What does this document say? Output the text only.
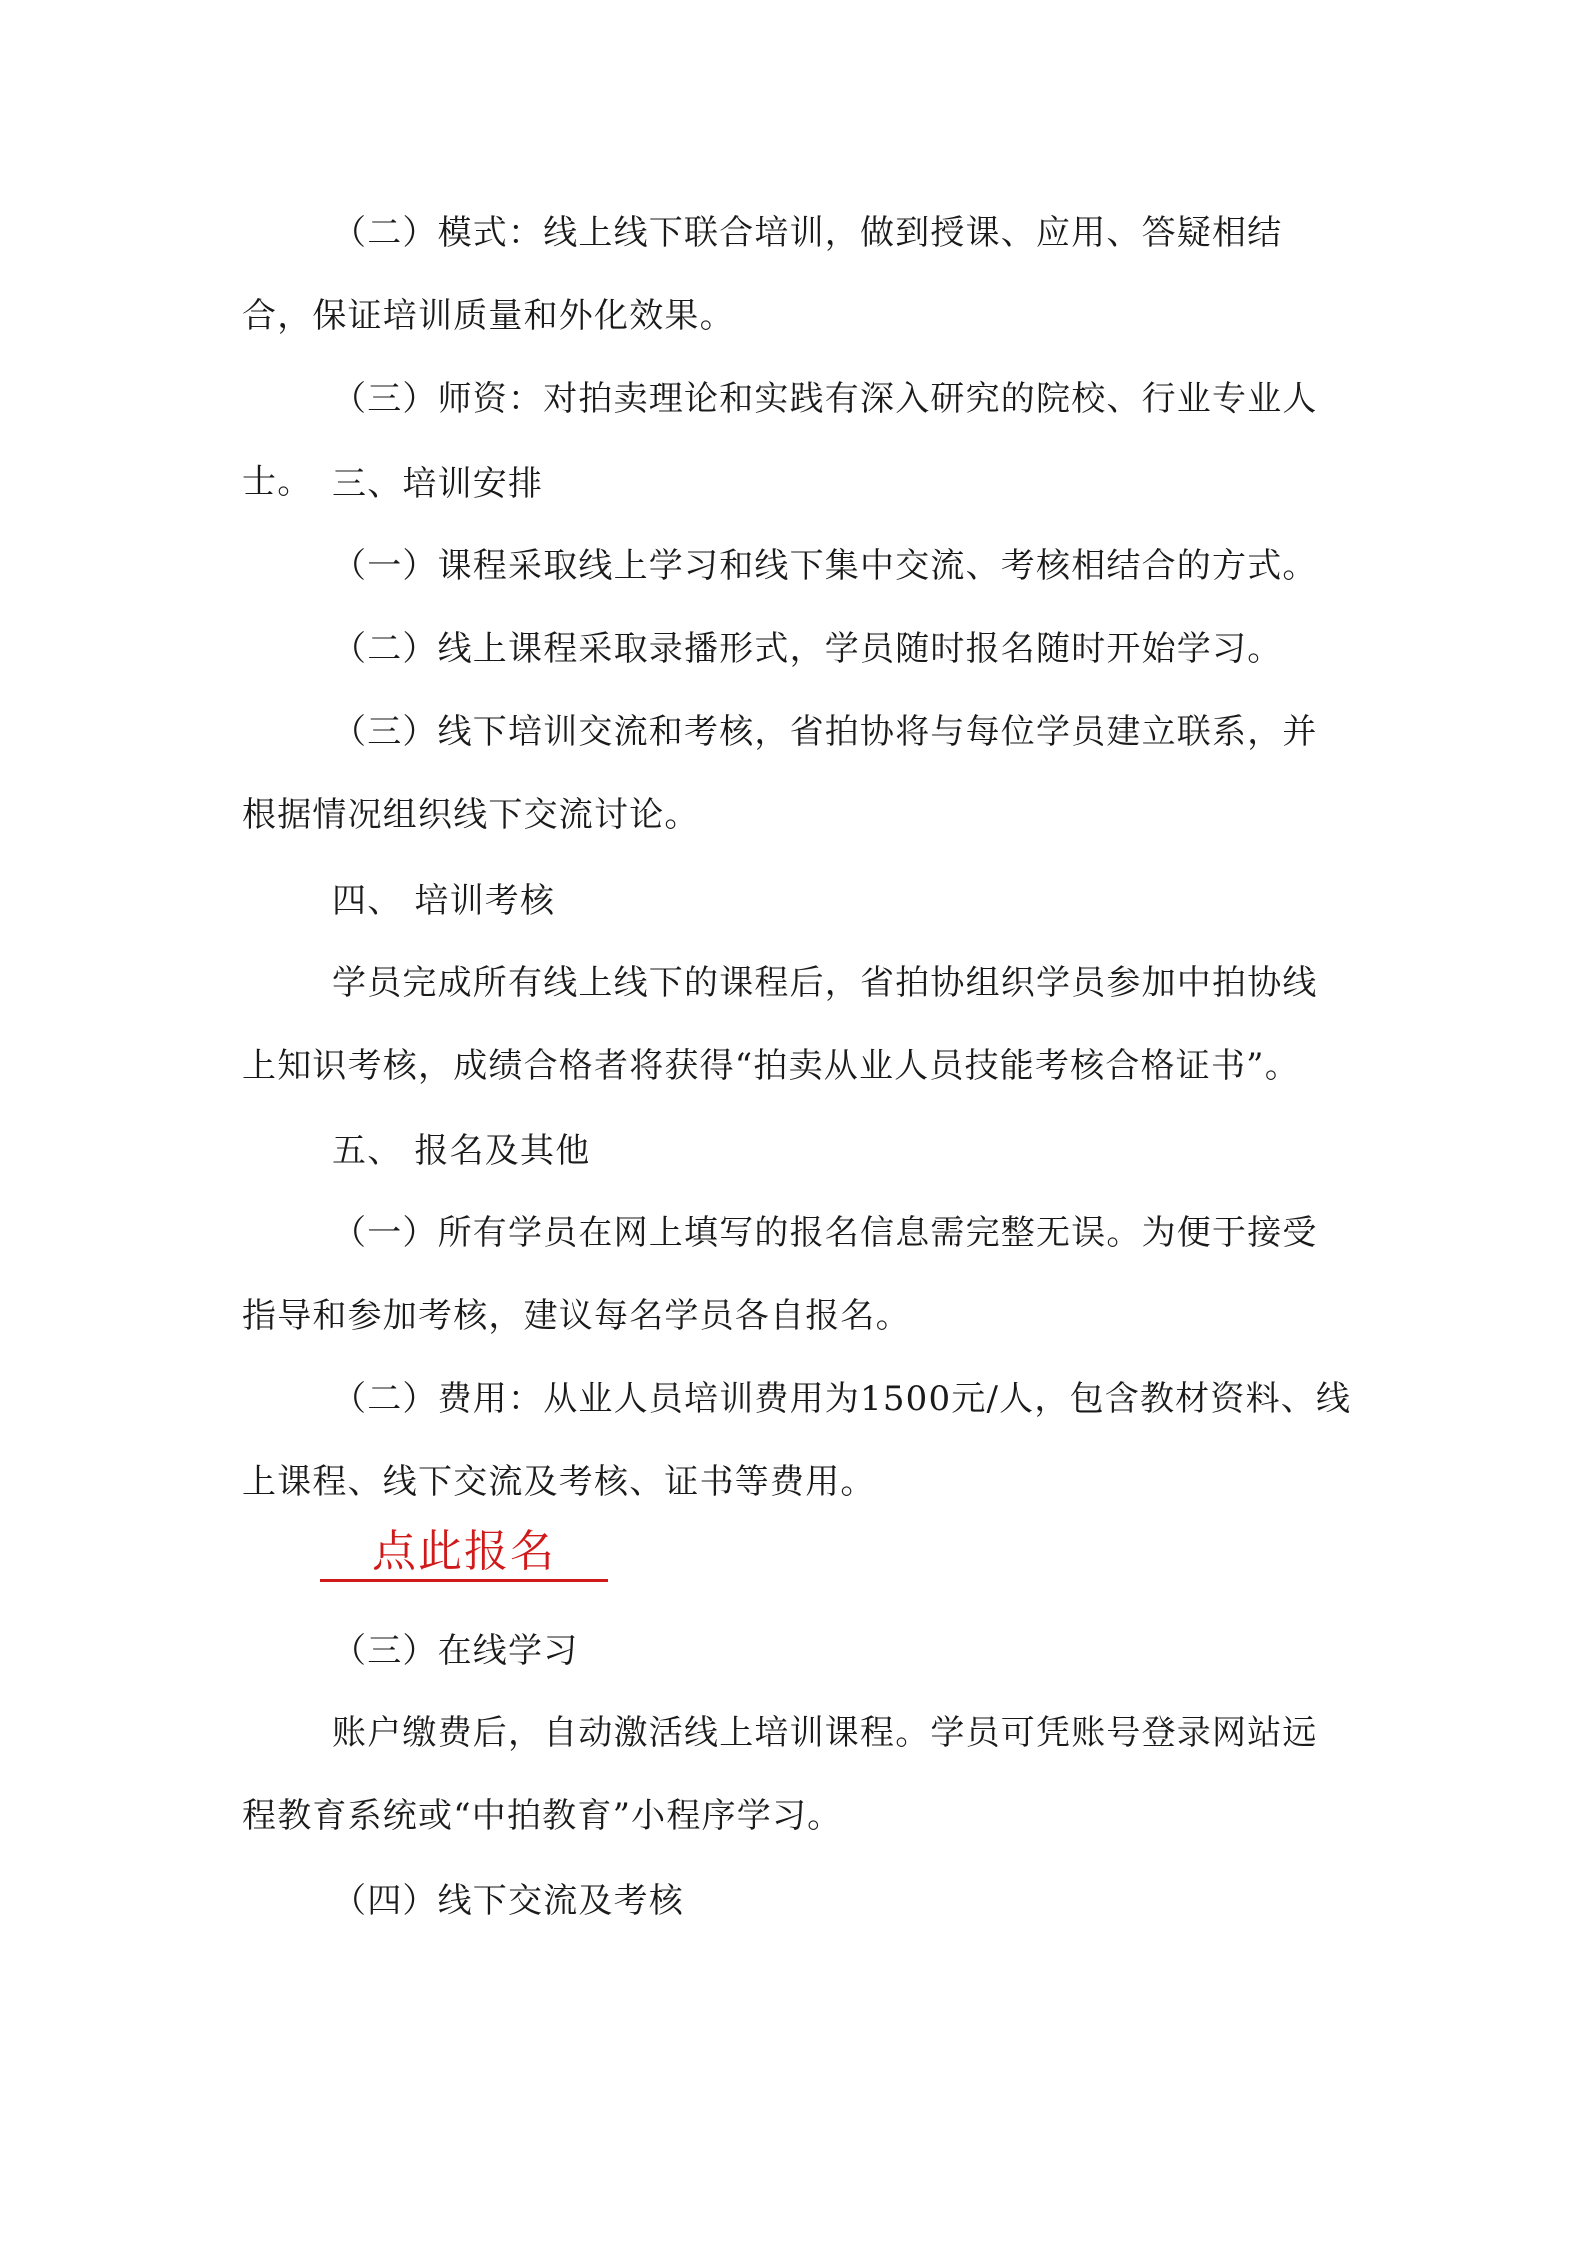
（二）模式：线上线下联合培训，做到授课、应用、答疑相结合，保证培训质量和外化效果。

（三）师资：对拍卖理论和实践有深入研究的院校、行业专业人士。 三、培训安排

（一）课程采取线上学习和线下集中交流、考核相结合的方式。

（二）线上课程采取录播形式，学员随时报名随时开始学习。

（三）线下培训交流和考核，省拍协将与每位学员建立联系，并根据情况组织线下交流讨论。

四、 培训考核

学员完成所有线上线下的课程后，省拍协组织学员参加中拍协线上知识考核，成绩合格者将获得“拍卖从业人员技能考核合格证书”。

五、 报名及其他

（一）所有学员在网上填写的报名信息需完整无误。为便于接受指导和参加考核，建议每名学员各自报名。

（二）费用：从业人员培训费用为1500元/人，包含教材资料、线上课程、线下交流及考核、证书等费用。

点此报名

（三）在线学习

账户缴费后，自动激活线上培训课程。学员可凭账号登录网站远程教育系统或“中拍教育”小程序学习。

（四）线下交流及考核
